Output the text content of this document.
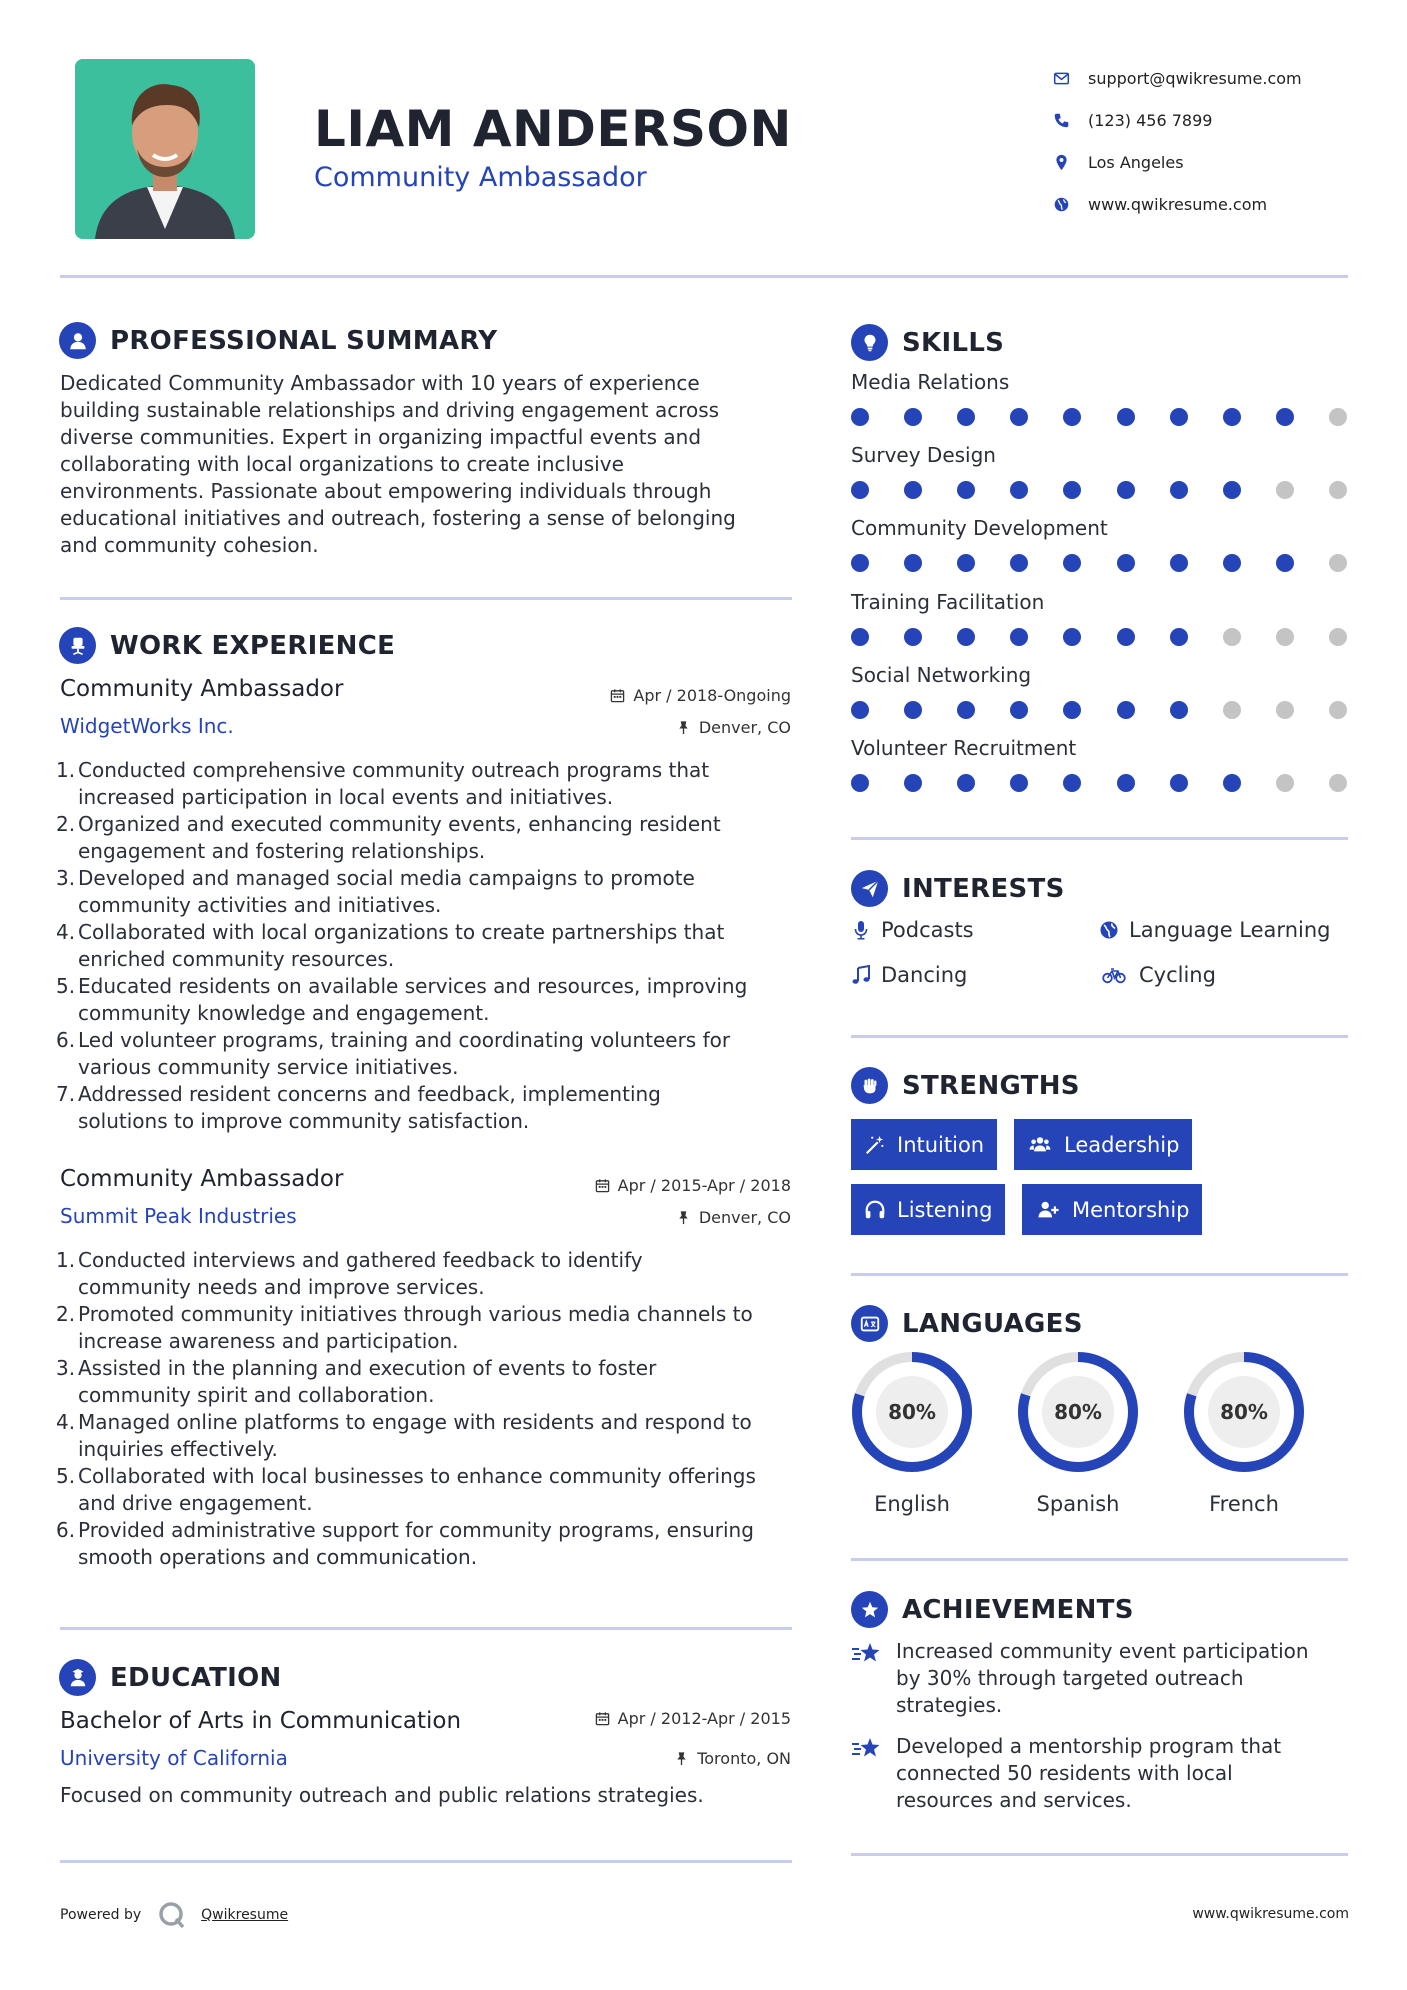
LIAM ANDERSON
Community Ambassador
support@qwikresume.com
(123) 456 7899
Los Angeles
www.qwikresume.com
PROFESSIONAL SUMMARY
Dedicated Community Ambassador with 10 years of experience
building sustainable relationships and driving engagement across
diverse communities. Expert in organizing impactful events and
collaborating with local organizations to create inclusive
environments. Passionate about empowering individuals through
educational initiatives and outreach, fostering a sense of belonging
and community cohesion.
WORK EXPERIENCE
Community Ambassador
WidgetWorks Inc.
Apr / 2018-Ongoing
Denver, CO
1. Conducted comprehensive community outreach programs that
increased participation in local events and initiatives.
2. Organized and executed community events, enhancing resident
engagement and fostering relationships.
3. Developed and managed social media campaigns to promote
community activities and initiatives.
4. Collaborated with local organizations to create partnerships that
enriched community resources.
5. Educated residents on available services and resources, improving
community knowledge and engagement.
6. Led volunteer programs, training and coordinating volunteers for
various community service initiatives.
7. Addressed resident concerns and feedback, implementing
solutions to improve community satisfaction.
Community Ambassador
Summit Peak Industries
Apr / 2015-Apr / 2018
Denver, CO
1. Conducted interviews and gathered feedback to identify
community needs and improve services.
2. Promoted community initiatives through various media channels to
increase awareness and participation.
3. Assisted in the planning and execution of events to foster
community spirit and collaboration.
4. Managed online platforms to engage with residents and respond to
inquiries effectively.
5. Collaborated with local businesses to enhance community offerings
and drive engagement.
6. Provided administrative support for community programs, ensuring
smooth operations and communication.
EDUCATION
Bachelor of Arts in Communication
University of California
Apr / 2012-Apr / 2015
Toronto, ON
Focused on community outreach and public relations strategies.
SKILLS
Media Relations
Survey Design
Community Development
Training Facilitation
Social Networking
Volunteer Recruitment
INTERESTS
Podcasts	Language Learning
Dancing	Cycling
STRENGTHS
Intuition	Leadership
Listening	Mentorship
LANGUAGES
80%
English
80%
Spanish
80%
French
ACHIEVEMENTS
Increased community event participation
by 30% through targeted outreach
strategies.
Developed a mentorship program that
connected 50 residents with local
resources and services.
Powered by	Qwikresume	www.qwikresume.com
